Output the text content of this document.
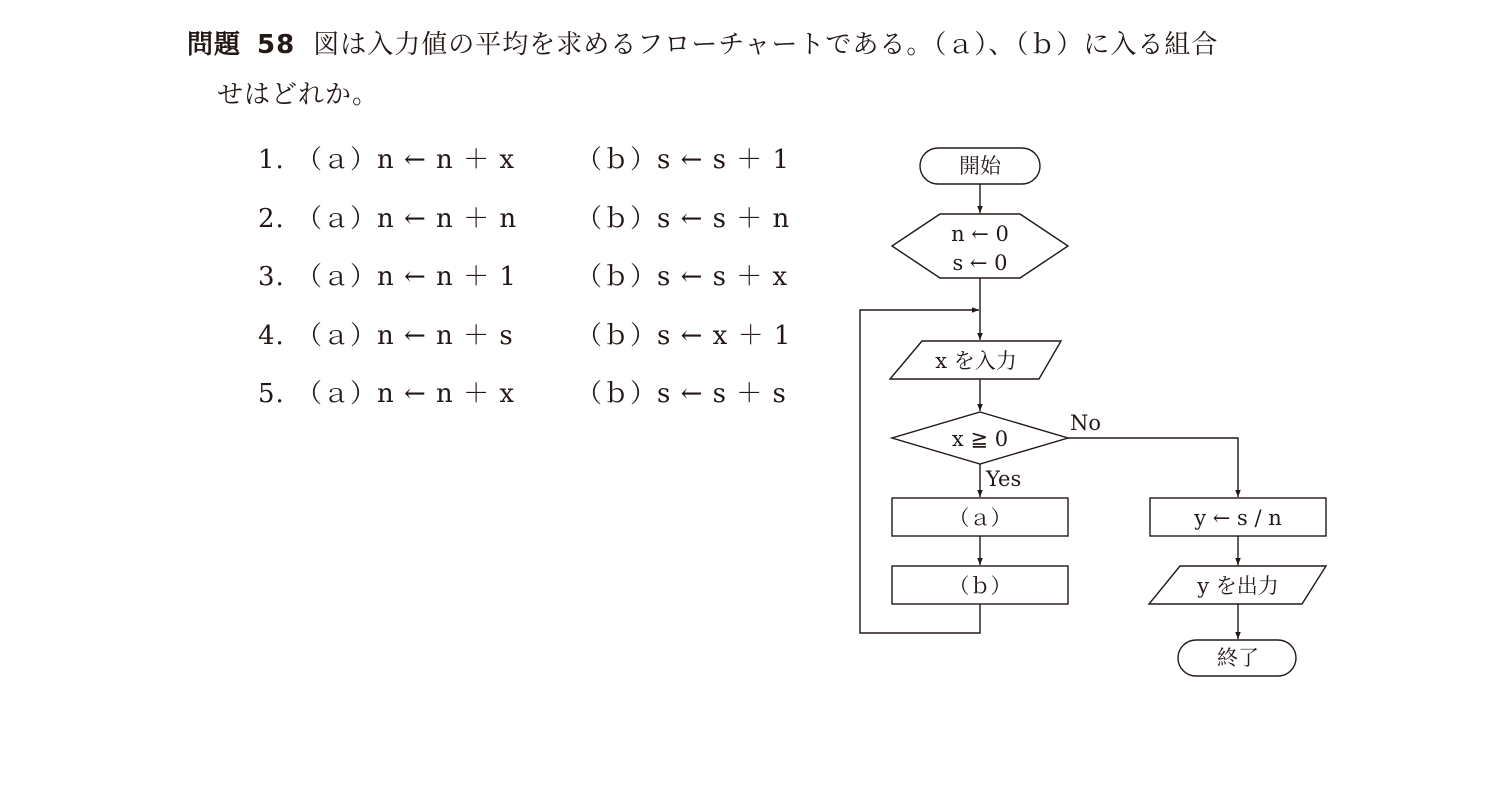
問題 58 図は入力値の平均を求めるフローチャートである。（ａ）、（ｂ）に入る組合
せはどれか。
1. （ａ）n ← n ＋ x （ｂ）s ← s ＋ 1
2. （ａ）n ← n ＋ n （ｂ）s ← s ＋ n
3. （ａ）n ← n ＋ 1 （ｂ）s ← s ＋ x
4. （ａ）n ← n ＋ s （ｂ）s ← x ＋ 1
5. （ａ）n ← n ＋ x （ｂ）s ← s ＋ s
開始
n ← 0
s ← 0
x を入力
x ≧ 0
No
Yes
（ａ）
（ｂ）
y ← s / n
y を出力
終了
